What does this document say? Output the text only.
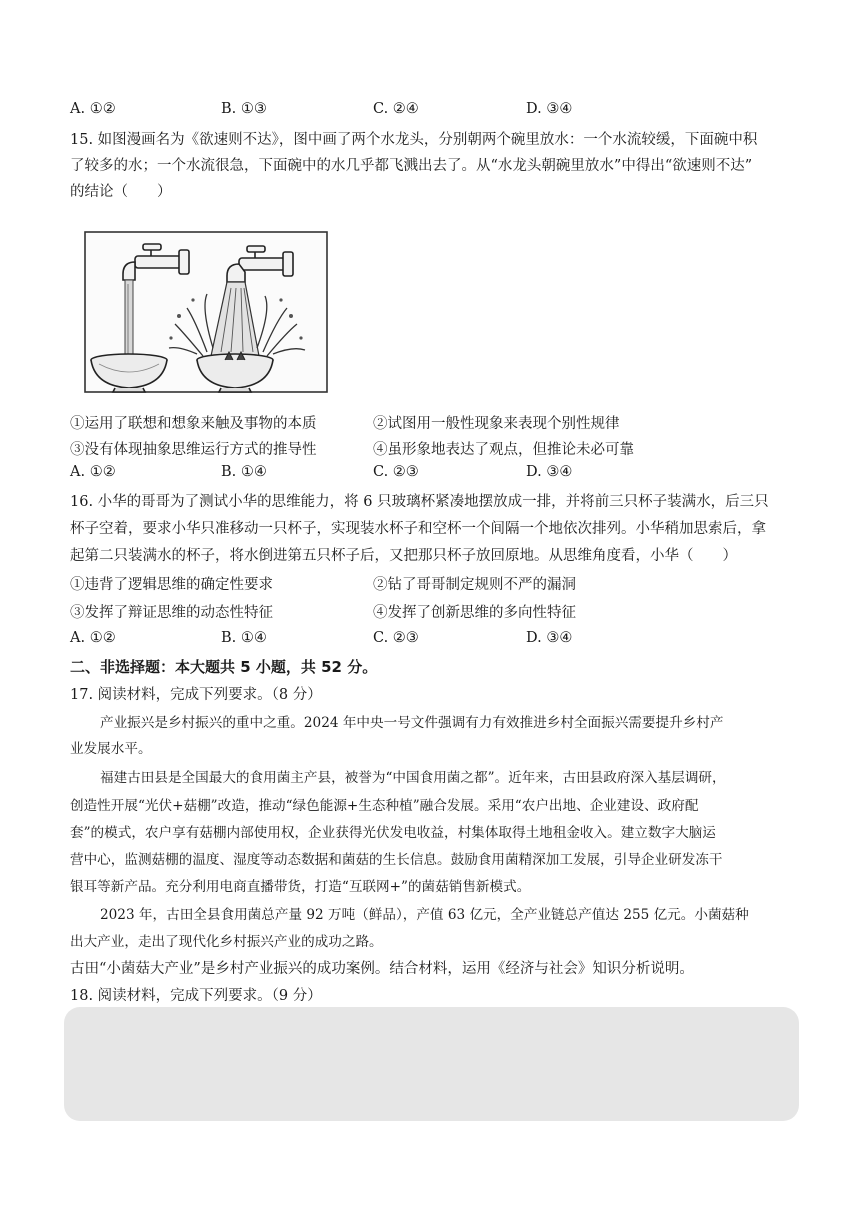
A. ①②	B. ①③	C. ②④	D. ③④
15. 如图漫画名为《欲速则不达》，图中画了两个水龙头，分别朝两个碗里放水：一个水流较缓，下面碗中积
了较多的水；一个水流很急，下面碗中的水几乎都飞溅出去了。从“水龙头朝碗里放水”中得出“欲速则不达”
的结论（　　）
①运用了联想和想象来触及事物的本质	②试图用一般性现象来表现个别性规律
③没有体现抽象思维运行方式的推导性	④虽形象地表达了观点，但推论未必可靠
A. ①②	B. ①④	C. ②③	D. ③④
16. 小华的哥哥为了测试小华的思维能力，将 6 只玻璃杯紧凑地摆放成一排，并将前三只杯子装满水，后三只
杯子空着，要求小华只准移动一只杯子，实现装水杯子和空杯一个间隔一个地依次排列。小华稍加思索后，拿
起第二只装满水的杯子，将水倒进第五只杯子后，又把那只杯子放回原地。从思维角度看，小华（　　）
①违背了逻辑思维的确定性要求	②钻了哥哥制定规则不严的漏洞
③发挥了辩证思维的动态性特征	④发挥了创新思维的多向性特征
A. ①②	B. ①④	C. ②③	D. ③④
二、非选择题：本大题共 5 小题，共 52 分。
17. 阅读材料，完成下列要求。（8 分）
产业振兴是乡村振兴的重中之重。2024 年中央一号文件强调有力有效推进乡村全面振兴需要提升乡村产
业发展水平。
福建古田县是全国最大的食用菌主产县，被誉为“中国食用菌之都”。近年来，古田县政府深入基层调研，
创造性开展“光伏+菇棚”改造，推动“绿色能源+生态种植”融合发展。采用“农户出地、企业建设、政府配
套”的模式，农户享有菇棚内部使用权，企业获得光伏发电收益，村集体取得土地租金收入。建立数字大脑运
营中心，监测菇棚的温度、湿度等动态数据和菌菇的生长信息。鼓励食用菌精深加工发展，引导企业研发冻干
银耳等新产品。充分利用电商直播带货，打造“互联网+”的菌菇销售新模式。
2023 年，古田全县食用菌总产量 92 万吨（鲜品），产值 63 亿元，全产业链总产值达 255 亿元。小菌菇种
出大产业，走出了现代化乡村振兴产业的成功之路。
古田“小菌菇大产业”是乡村产业振兴的成功案例。结合材料，运用《经济与社会》知识分析说明。
18. 阅读材料，完成下列要求。（9 分）
